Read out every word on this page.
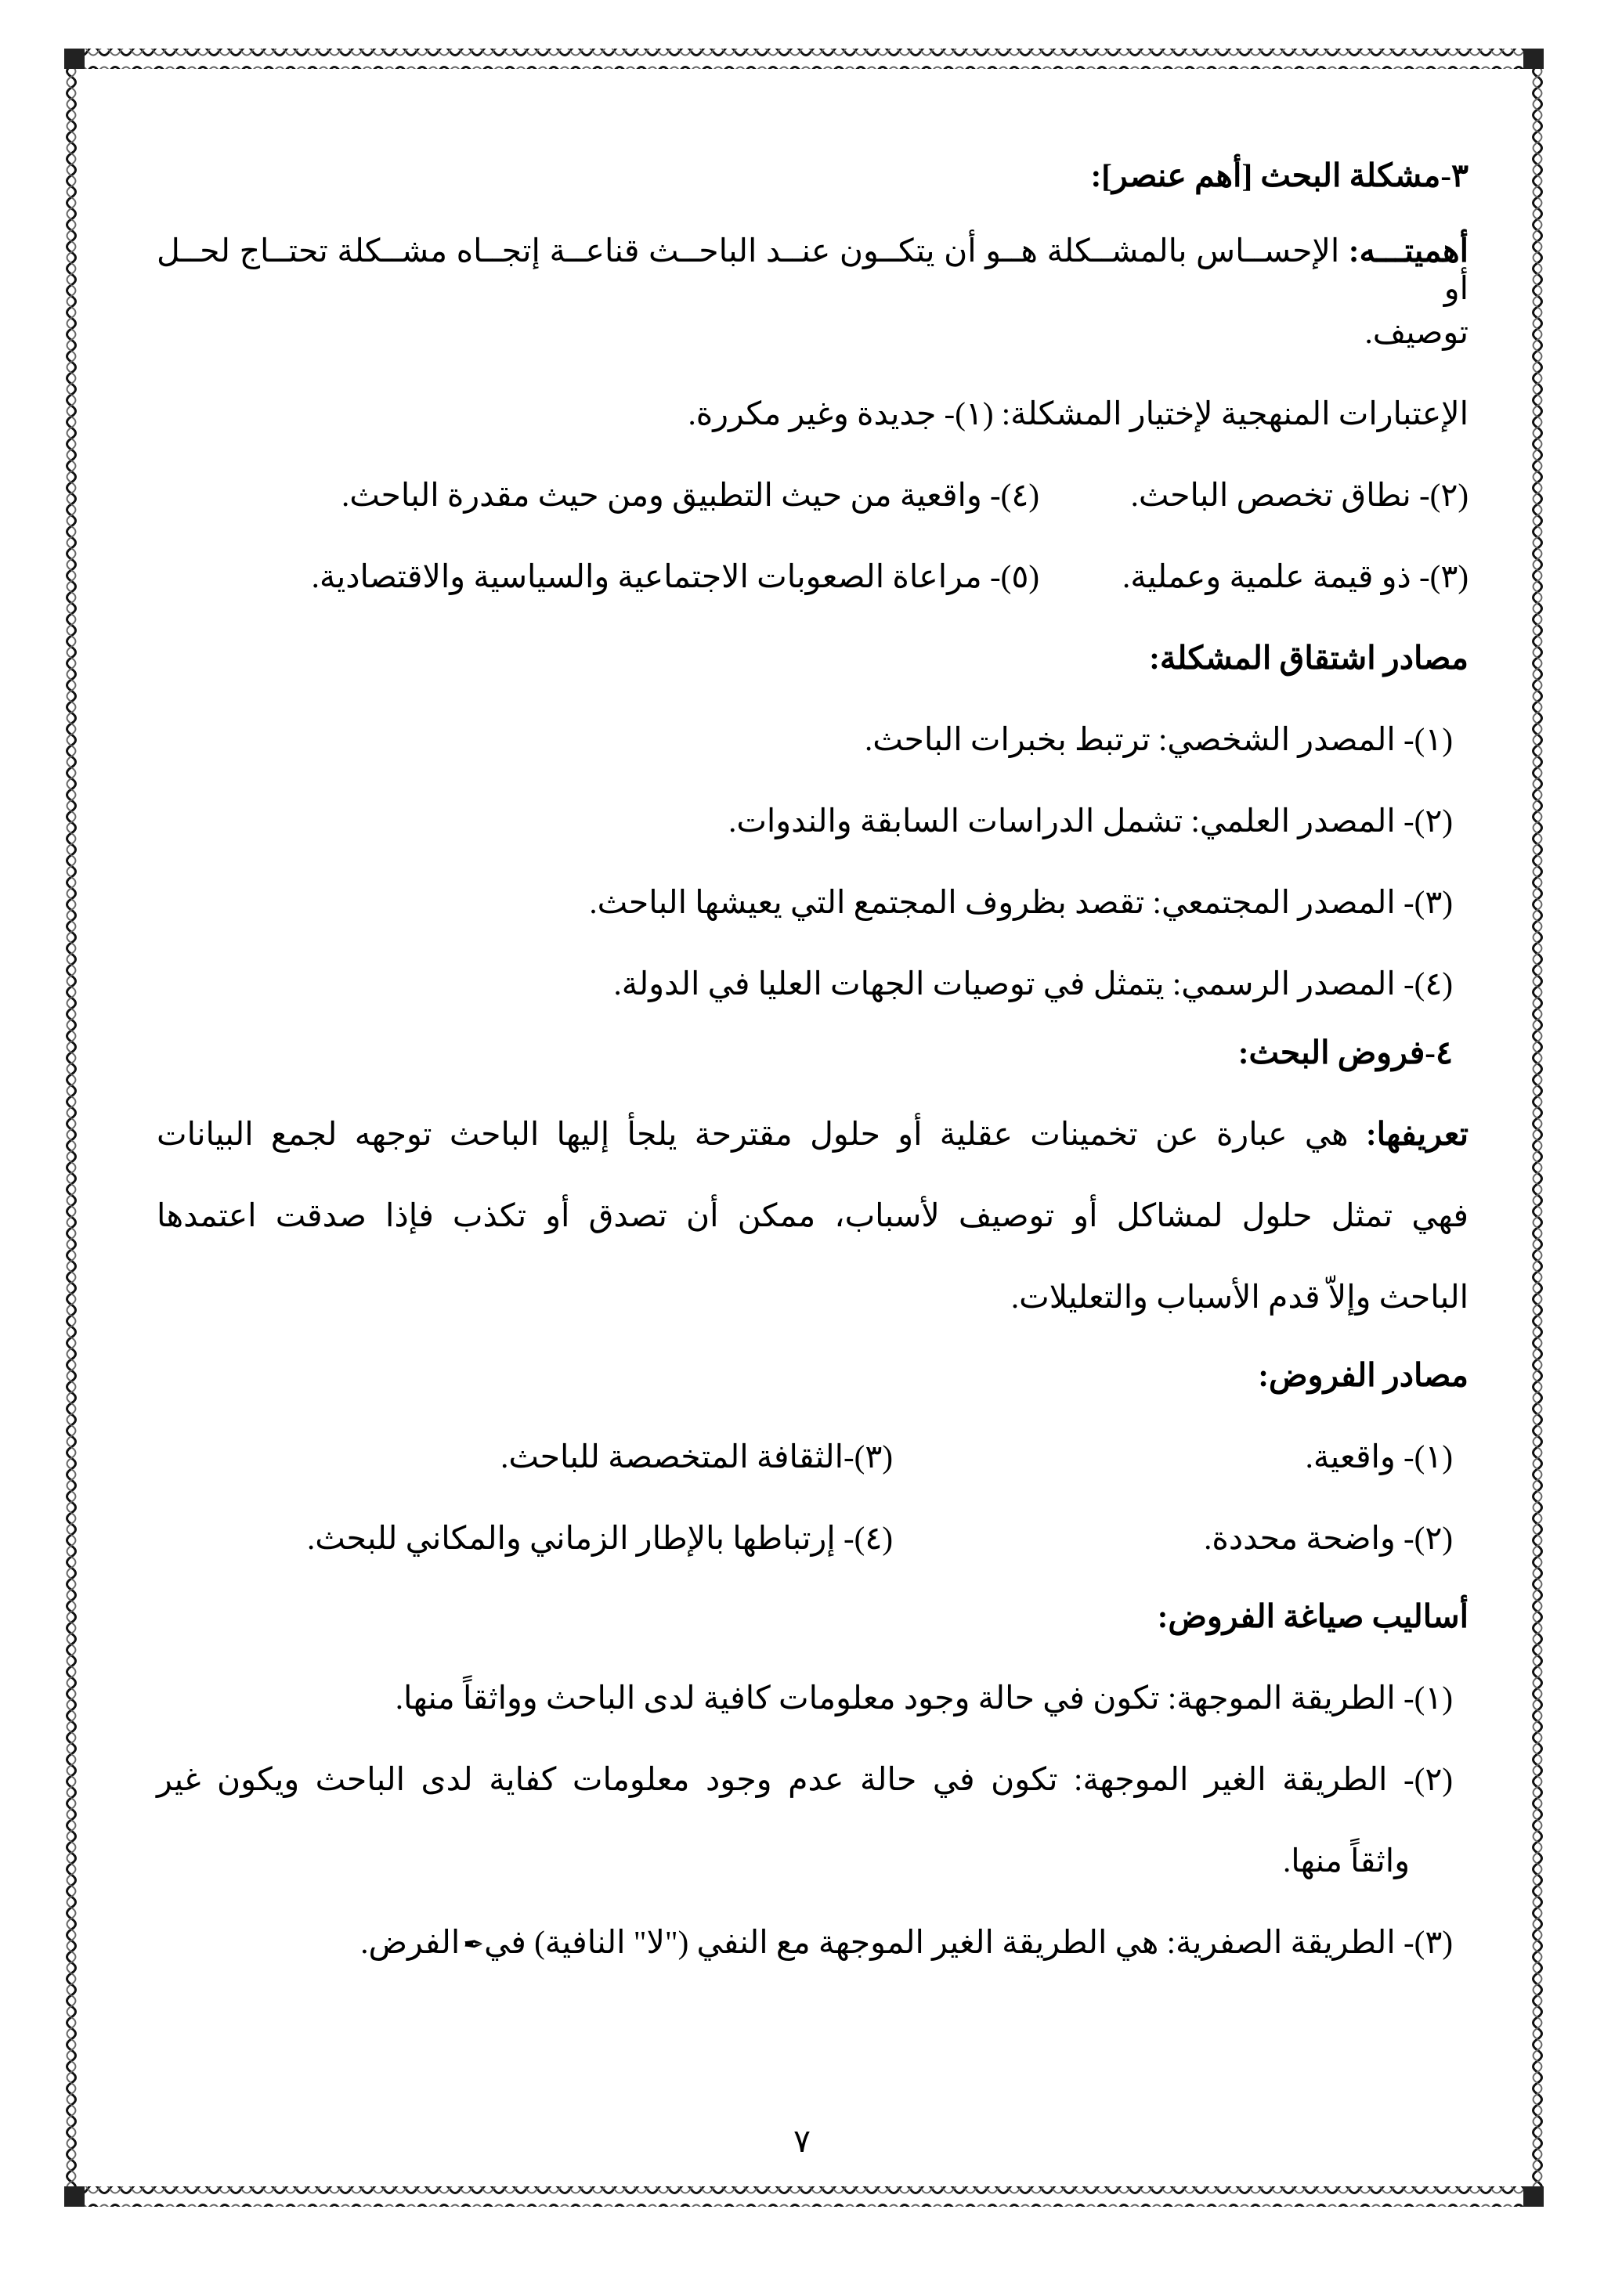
٣-مشكلة البحث [أهم عنصر]:
أهميتـــه: الإحســاس بالمشــكلة هــو أن يتكــون عنــد الباحــث قناعــة إتجــاه مشــكلة تحتــاج لحــل أو
توصيف.
الإعتبارات المنهجية لإختيار المشكلة: (١)- جديدة وغير مكررة.
(٢)- نطاق تخصص الباحث.
(٤)- واقعية من حيث التطبيق ومن حيث مقدرة الباحث.
(٣)- ذو قيمة علمية وعملية.
(٥)- مراعاة الصعوبات الاجتماعية والسياسية والاقتصادية.
مصادر اشتقاق المشكلة:
(١)- المصدر الشخصي: ترتبط بخبرات الباحث.
(٢)- المصدر العلمي: تشمل الدراسات السابقة والندوات.
(٣)- المصدر المجتمعي: تقصد بظروف المجتمع التي يعيشها الباحث.
(٤)- المصدر الرسمي: يتمثل في توصيات الجهات العليا في الدولة.
٤-فروض البحث:
تعريفها: هي عبارة عن تخمينات عقلية أو حلول مقترحة يلجأ إليها الباحث توجهه لجمع البيانات
فهي تمثل حلول لمشاكل أو توصيف لأسباب، ممكن أن تصدق أو تكذب فإذا صدقت اعتمدها
الباحث وإلاّ قدم الأسباب والتعليلات.
مصادر الفروض:
(١)- واقعية.
(٣)-الثقافة المتخصصة للباحث.
(٢)- واضحة محددة.
(٤)- إرتباطها بالإطار الزماني والمكاني للبحث.
أساليب صياغة الفروض:
(١)- الطريقة الموجهة: تكون في حالة وجود معلومات كافية لدى الباحث وواثقاً منها.
(٢)- الطريقة الغير الموجهة: تكون في حالة عدم وجود معلومات كفاية لدى الباحث ويكون غير
واثقاً منها.
(٣)- الطريقة الصفرية: هي الطريقة الغير الموجهة مع النفي ("لا" النافية) في✒الفرض.
٧
